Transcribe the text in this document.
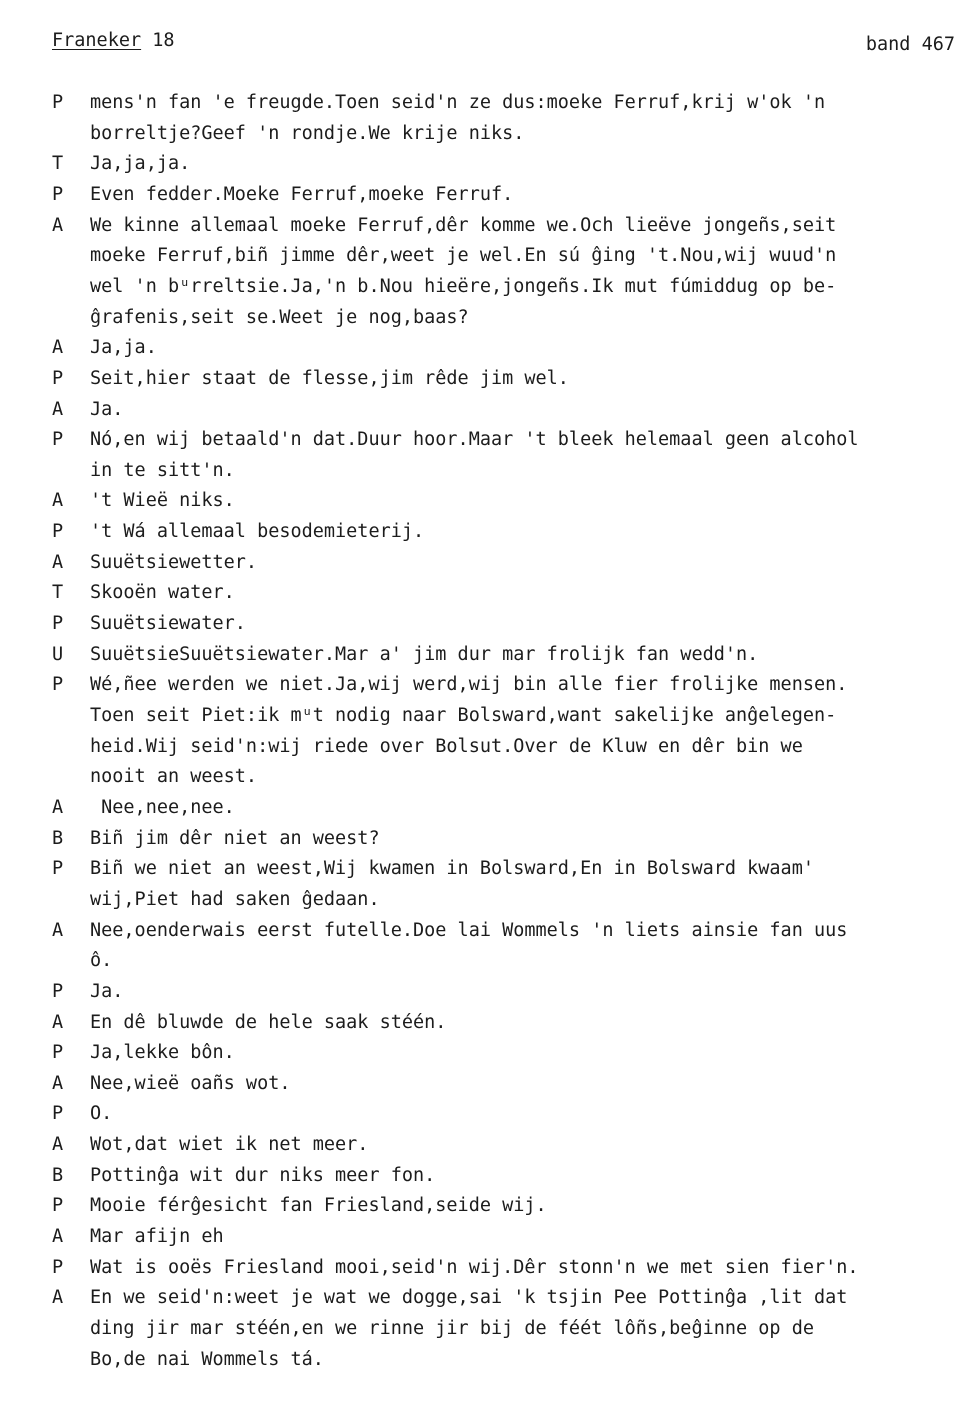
Franeker 18	band 467
P mens'n fan 'e freugde.Toen seid'n ze dus:moeke Ferruf,krij w'ok 'n
borreltje?Geef 'n rondje.We krije niks.
T Ja,ja,ja.
P Even fedder.Moeke Ferruf,moeke Ferruf.
A We kinne allemaal moeke Ferruf,dêr komme we.Och lieëve jongeñs,seit
moeke Ferruf,biñ jimme dêr,weet je wel.En sú ĝing 't.Nou,wij wuud'n
wel 'n bᵘrreltsie.Ja,'n b.Nou hieëre,jongeñs.Ik mut fúmiddug op be-
ĝrafenis,seit se.Weet je nog,baas?
A Ja,ja.
P Seit,hier staat de flesse,jim rêde jim wel.
A Ja.
P Nó,en wij betaald'n dat.Duur hoor.Maar 't bleek helemaal geen alcohol
in te sitt'n.
A 't Wieë niks.
P 't Wá allemaal besodemieterij.
A Suuëtsiewetter.
T Skooën water.
P Suuëtsiewater.
U SuuëtsieSuuëtsiewater.Mar a' jim dur mar frolijk fan wedd'n.
P Wé,ñee werden we niet.Ja,wij werd,wij bin alle fier frolijke mensen.
Toen seit Piet:ik mᵘt nodig naar Bolsward,want sakelijke anĝelegen-
heid.Wij seid'n:wij riede over Bolsut.Over de Kluw en dêr bin we
nooit an weest.
A Nee,nee,nee.
B Biñ jim dêr niet an weest?
P Biñ we niet an weest,Wij kwamen in Bolsward,En in Bolsward kwaam'
wij,Piet had saken ĝedaan.
A Nee,oenderwais eerst futelle.Doe lai Wommels 'n liets ainsie fan uus
ô.
P Ja.
A En dê bluwde de hele saak stéén.
P Ja,lekke bôn.
A Nee,wieë oañs wot.
P O.
A Wot,dat wiet ik net meer.
B Pottinĝa wit dur niks meer fon.
P Mooie férĝesicht fan Friesland,seide wij.
A Mar afijn eh
P Wat is ooës Friesland mooi,seid'n wij.Dêr stonn'n we met sien fier'n.
A En we seid'n:weet je wat we dogge,sai 'k tsjin Pee Pottinĝa ,lit dat
ding jir mar stéén,en we rinne jir bij de féét lôñs,beĝinne op de
Bo,de nai Wommels tá.
